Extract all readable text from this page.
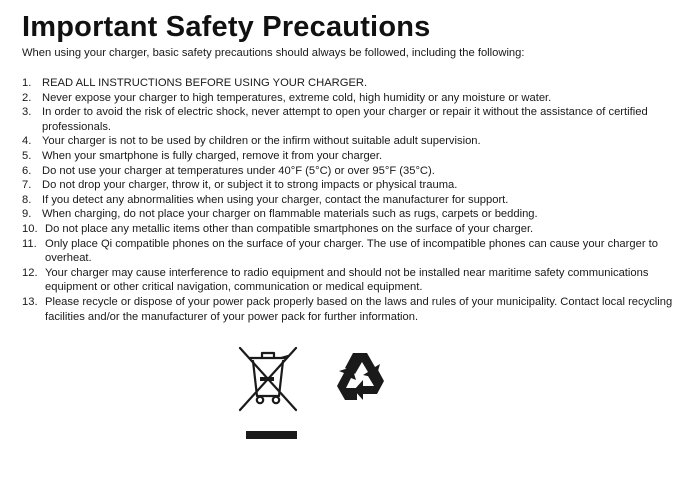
Important Safety Precautions

When using your charger, basic safety precautions should always be followed, including the following:

1. READ ALL INSTRUCTIONS BEFORE USING YOUR CHARGER.
2. Never expose your charger to high temperatures, extreme cold, high humidity or any moisture or water.
3. In order to avoid the risk of electric shock, never attempt to open your charger or repair it without the assistance of certified professionals.
4. Your charger is not to be used by children or the infirm without suitable adult supervision.
5. When your smartphone is fully charged, remove it from your charger.
6. Do not use your charger at temperatures under 40°F (5°C) or over 95°F (35°C).
7. Do not drop your charger, throw it, or subject it to strong impacts or physical trauma.
8. If you detect any abnormalities when using your charger, contact the manufacturer for support.
9. When charging, do not place your charger on flammable materials such as rugs, carpets or bedding.
10. Do not place any metallic items other than compatible smartphones on the surface of your charger.
11. Only place Qi compatible phones on the surface of your charger. The use of incompatible phones can cause your charger to overheat.
12. Your charger may cause interference to radio equipment and should not be installed near maritime safety communications equipment or other critical navigation, communication or medical equipment.
13. Please recycle or dispose of your power pack properly based on the laws and rules of your municipality. Contact local recycling facilities and/or the manufacturer of your power pack for further information.
